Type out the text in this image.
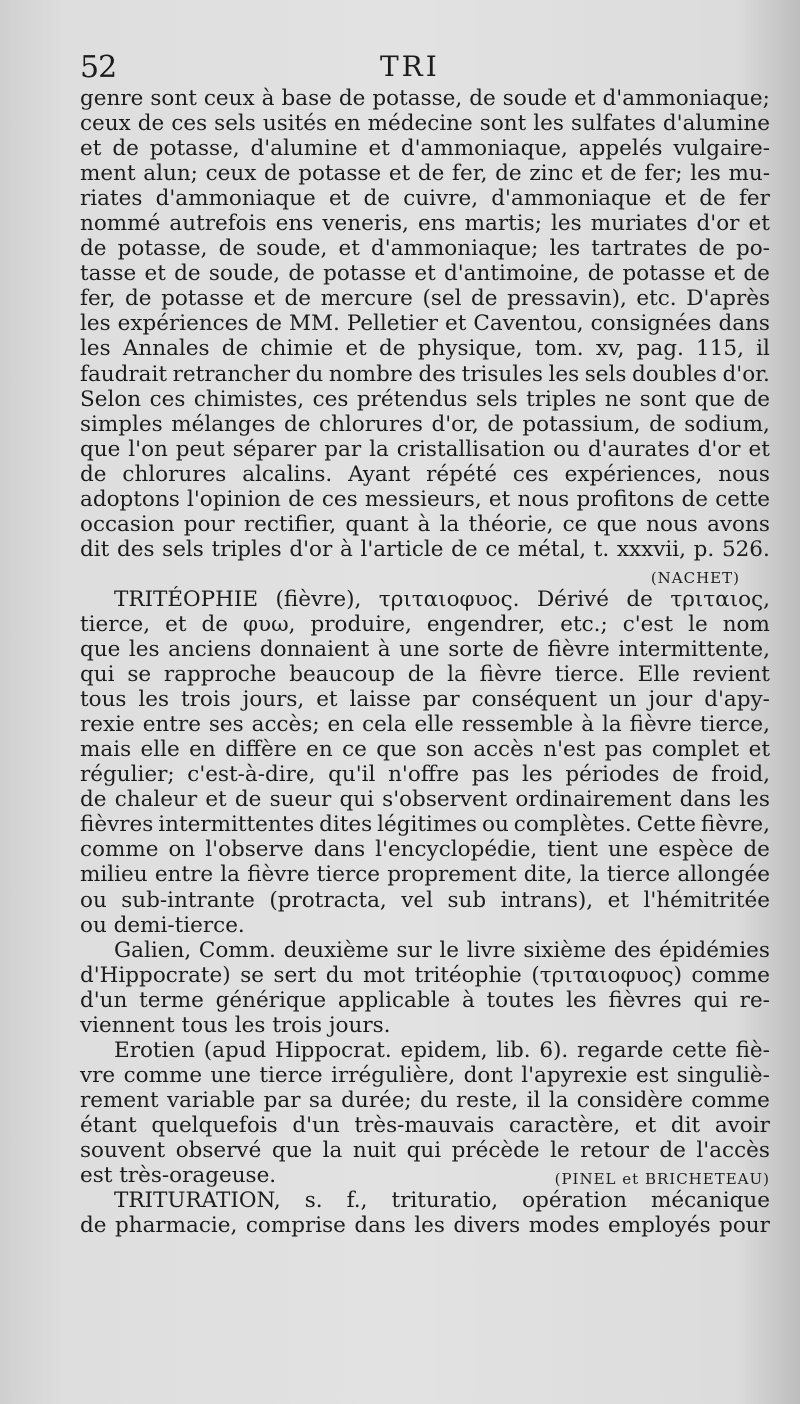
52	TRI
genre sont ceux à base de potasse, de soude et d'ammoniaque;
ceux de ces sels usités en médecine sont les sulfates d'alumine
et de potasse, d'alumine et d'ammoniaque, appelés vulgaire-
ment alun; ceux de potasse et de fer, de zinc et de fer; les mu-
riates d'ammoniaque et de cuivre, d'ammoniaque et de fer
nommé autrefois ens veneris, ens martis; les muriates d'or et
de potasse, de soude, et d'ammoniaque; les tartrates de po-
tasse et de soude, de potasse et d'antimoine, de potasse et de
fer, de potasse et de mercure (sel de pressavin), etc. D'après
les expériences de MM. Pelletier et Caventou, consignées dans
les Annales de chimie et de physique, tom. xv, pag. 115, il
faudrait retrancher du nombre des trisules les sels doubles d'or.
Selon ces chimistes, ces prétendus sels triples ne sont que de
simples mélanges de chlorures d'or, de potassium, de sodium,
que l'on peut séparer par la cristallisation ou d'aurates d'or et
de chlorures alcalins. Ayant répété ces expériences, nous
adoptons l'opinion de ces messieurs, et nous profitons de cette
occasion pour rectifier, quant à la théorie, ce que nous avons
dit des sels triples d'or à l'article de ce métal, t. xxxvii, p. 526.
(NACHET)
TRITÉOPHIE (fièvre), τριταιοφυος. Dérivé de τριταιος,
tierce, et de φυω, produire, engendrer, etc.; c'est le nom
que les anciens donnaient à une sorte de fièvre intermittente,
qui se rapproche beaucoup de la fièvre tierce. Elle revient
tous les trois jours, et laisse par conséquent un jour d'apy-
rexie entre ses accès; en cela elle ressemble à la fièvre tierce,
mais elle en diffère en ce que son accès n'est pas complet et
régulier; c'est-à-dire, qu'il n'offre pas les périodes de froid,
de chaleur et de sueur qui s'observent ordinairement dans les
fièvres intermittentes dites légitimes ou complètes. Cette fièvre,
comme on l'observe dans l'encyclopédie, tient une espèce de
milieu entre la fièvre tierce proprement dite, la tierce allongée
ou sub-intrante (protracta, vel sub intrans), et l'hémitritée
ou demi-tierce.
Galien, Comm. deuxième sur le livre sixième des épidémies
d'Hippocrate) se sert du mot tritéophie (τριταιοφυος) comme
d'un terme générique applicable à toutes les fièvres qui re-
viennent tous les trois jours.
Erotien (apud Hippocrat. epidem, lib. 6). regarde cette fiè-
vre comme une tierce irrégulière, dont l'apyrexie est singuliè-
rement variable par sa durée; du reste, il la considère comme
étant quelquefois d'un très-mauvais caractère, et dit avoir
souvent observé que la nuit qui précède le retour de l'accès
est très-orageuse.	(PINEL et BRICHETEAU)
TRITURATION, s. f., trituratio, opération mécanique
de pharmacie, comprise dans les divers modes employés pour
